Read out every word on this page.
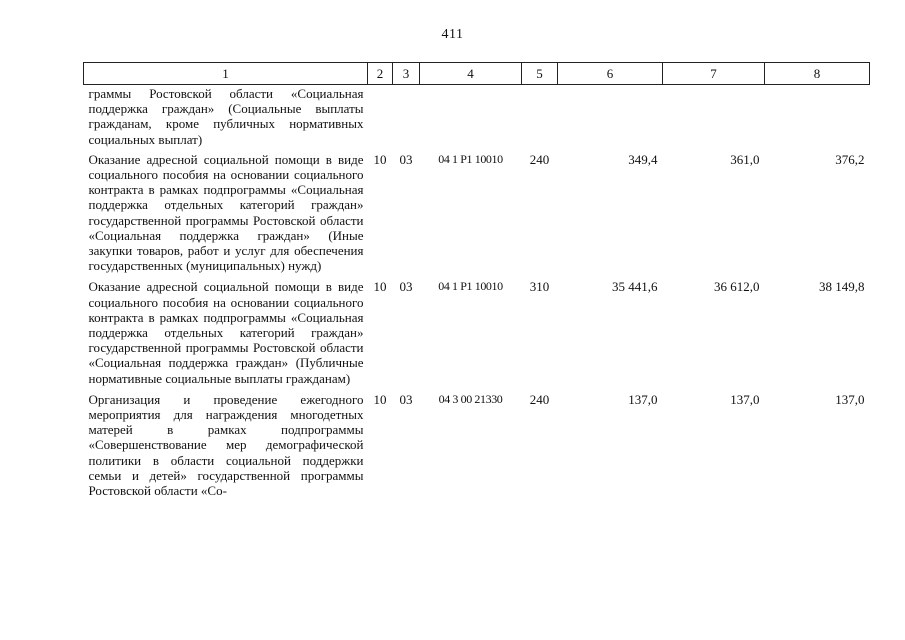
411
1	2	3	4	5	6	7	8
граммы Ростовской области «Социальная поддержка граждан» (Социальные выплаты гражданам, кроме публичных нормативных социальных выплат)							
Оказание адресной социальной помощи в виде социального пособия на основании социального контракта в рамках подпрограммы «Социальная поддержка отдельных категорий граждан» государственной программы Ростовской области «Социальная поддержка граждан» (Иные закупки товаров, работ и услуг для обеспечения государственных (муниципальных) нужд)	10	03	04 1 P1 10010	240	349,4	361,0	376,2
Оказание адресной социальной помощи в виде социального пособия на основании социального контракта в рамках подпрограммы «Социальная поддержка отдельных категорий граждан» государственной программы Ростовской области «Социальная поддержка граждан» (Публичные нормативные социальные выплаты гражданам)	10	03	04 1 P1 10010	310	35 441,6	36 612,0	38 149,8
Организация и проведение ежегодного мероприятия для награждения многодетных матерей в рамках подпрограммы «Совершенствование мер демографической политики в области социальной поддержки семьи и детей» государственной программы Ростовской области «Со-	10	03	04 3 00 21330	240	137,0	137,0	137,0
